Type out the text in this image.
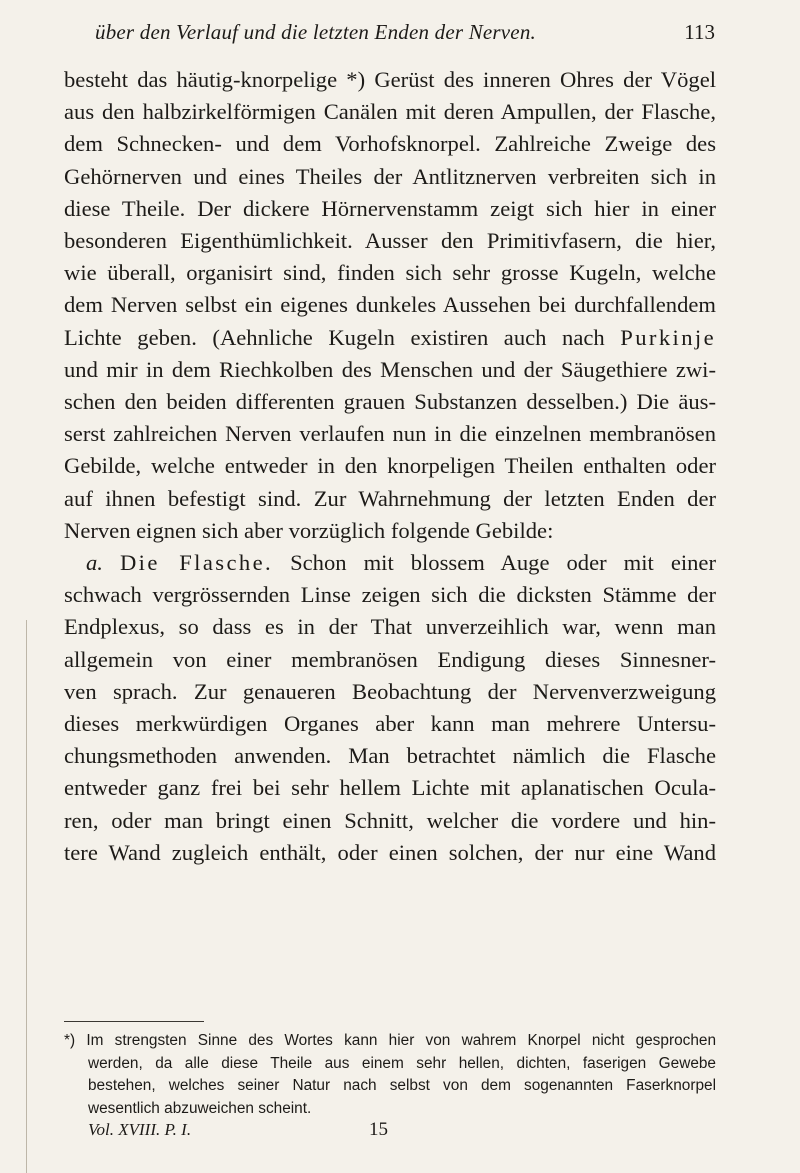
über den Verlauf und die letzten Enden der Nerven.	113
besteht das häutig-knorpelige *) Gerüst des inneren Ohres der Vögel
aus den halbzirkelförmigen Canälen mit deren Ampullen, der Flasche,
dem Schnecken- und dem Vorhofsknorpel. Zahlreiche Zweige des
Gehörnerven und eines Theiles der Antlitznerven verbreiten sich in
diese Theile. Der dickere Hörnervenstamm zeigt sich hier in einer
besonderen Eigenthümlichkeit. Ausser den Primitivfasern, die hier,
wie überall, organisirt sind, finden sich sehr grosse Kugeln, welche
dem Nerven selbst ein eigenes dunkeles Aussehen bei durchfallendem
Lichte geben. (Aehnliche Kugeln existiren auch nach Purkinje
und mir in dem Riechkolben des Menschen und der Säugethiere zwi-
schen den beiden differenten grauen Substanzen desselben.) Die äus-
serst zahlreichen Nerven verlaufen nun in die einzelnen membranösen
Gebilde, welche entweder in den knorpeligen Theilen enthalten oder
auf ihnen befestigt sind. Zur Wahrnehmung der letzten Enden der
Nerven eignen sich aber vorzüglich folgende Gebilde:
a. Die Flasche. Schon mit blossem Auge oder mit einer
schwach vergrössernden Linse zeigen sich die dicksten Stämme der
Endplexus, so dass es in der That unverzeihlich war, wenn man
allgemein von einer membranösen Endigung dieses Sinnesner-
ven sprach. Zur genaueren Beobachtung der Nervenverzweigung
dieses merkwürdigen Organes aber kann man mehrere Untersu-
chungsmethoden anwenden. Man betrachtet nämlich die Flasche
entweder ganz frei bei sehr hellem Lichte mit aplanatischen Ocula-
ren, oder man bringt einen Schnitt, welcher die vordere und hin-
tere Wand zugleich enthält, oder einen solchen, der nur eine Wand
*) Im strengsten Sinne des Wortes kann hier von wahrem Knorpel nicht gesprochen
werden, da alle diese Theile aus einem sehr hellen, dichten, faserigen Gewebe
bestehen, welches seiner Natur nach selbst von dem sogenannten Faserknorpel
wesentlich abzuweichen scheint.
Vol. XVIII. P. I.	15
